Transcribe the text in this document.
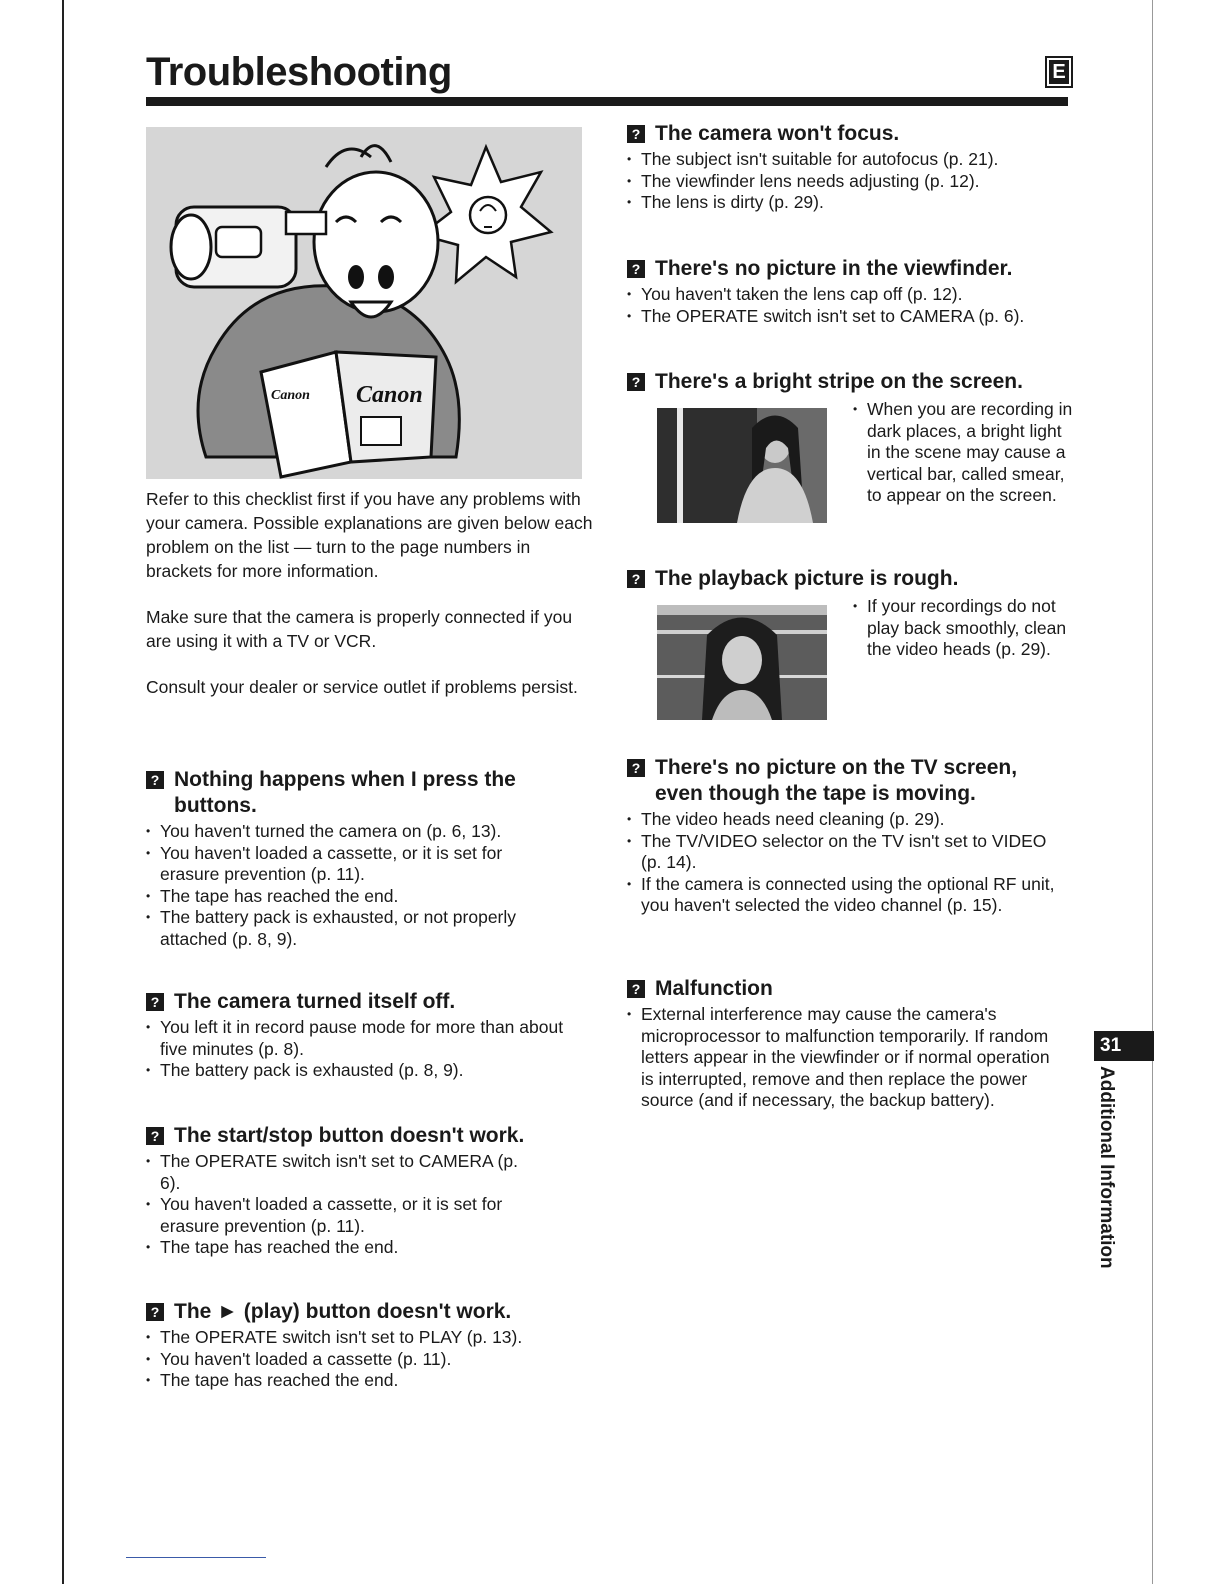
Troubleshooting	E
Canon Canon

Refer to this checklist first if you have any problems with your camera. Possible explanations are given below each problem on the list — turn to the page numbers in brackets for more information.

Make sure that the camera is properly connected if you are using it with a TV or VCR.

Consult your dealer or service outlet if problems persist.

? Nothing happens when I press the buttons.
• You haven't turned the camera on (p. 6, 13).
• You haven't loaded a cassette, or it is set for erasure prevention (p. 11).
• The tape has reached the end.
• The battery pack is exhausted, or not properly attached (p. 8, 9).
? The camera turned itself off.
• You left it in record pause mode for more than about five minutes (p. 8).
• The battery pack is exhausted (p. 8, 9).
? The start/stop button doesn't work.
• The OPERATE switch isn't set to CAMERA (p. 6).
• You haven't loaded a cassette, or it is set for erasure prevention (p. 11).
• The tape has reached the end.
? The ► (play) button doesn't work.
• The OPERATE switch isn't set to PLAY (p. 13).
• You haven't loaded a cassette (p. 11).
• The tape has reached the end.
? The camera won't focus.
• The subject isn't suitable for autofocus (p. 21).
• The viewfinder lens needs adjusting (p. 12).
• The lens is dirty (p. 29).
? There's no picture in the viewfinder.
• You haven't taken the lens cap off (p. 12).
• The OPERATE switch isn't set to CAMERA (p. 6).
? There's a bright stripe on the screen.
• When you are recording in dark places, a bright light in the scene may cause a vertical bar, called smear, to appear on the screen.
? The playback picture is rough.
• If your recordings do not play back smoothly, clean the video heads (p. 29).
? There's no picture on the TV screen, even though the tape is moving.
• The video heads need cleaning (p. 29).
• The TV/VIDEO selector on the TV isn't set to VIDEO (p. 14).
• If the camera is connected using the optional RF unit, you haven't selected the video channel (p. 15).
? Malfunction
• External interference may cause the camera's microprocessor to malfunction temporarily. If random letters appear in the viewfinder or if normal operation is interrupted, remove and then replace the power source (and if necessary, the backup battery).
31
Additional Information
